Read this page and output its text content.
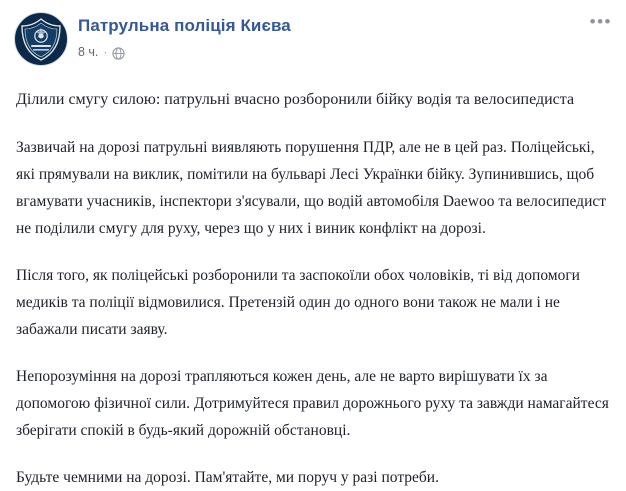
Патрульна поліція Києва
8 ч. ·
•••

Ділили смугу силою: патрульні вчасно розборонили бійку водія та велосипедиста

Зазвичай на дорозі патрульні виявляють порушення ПДР, але не в цей раз. Поліцейські, які прямували на виклик, помітили на бульварі Лесі Українки бійку. Зупинившись, щоб вгамувати учасників, інспектори з'ясували, що водій автомобіля Daewoo та велосипедист не поділили смугу для руху, через що у них і виник конфлікт на дорозі.

Після того, як поліцейські розборонили та заспокоїли обох чоловіків, ті від допомоги медиків та поліції відмовилися. Претензій один до одного вони також не мали і не забажали писати заяву.

Непорозуміння на дорозі трапляються кожен день, але не варто вирішувати їх за допомогою фізичної сили. Дотримуйтеся правил дорожнього руху та завжди намагайтеся зберігати спокій в будь-який дорожній обстановці.

Будьте чемними на дорозі. Пам'ятайте, ми поруч у разі потреби.
